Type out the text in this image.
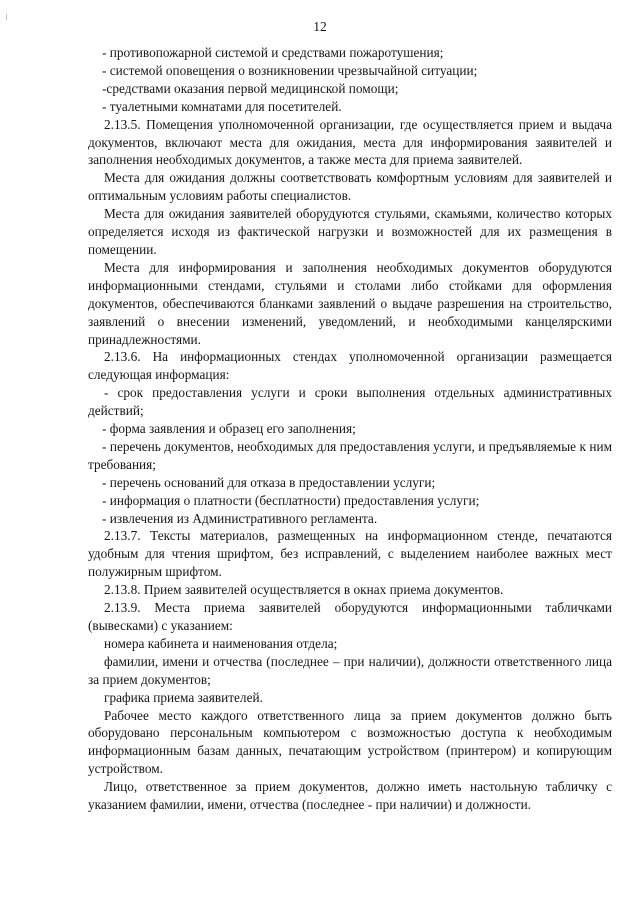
12

- противопожарной системой и средствами пожаротушения;

- системой оповещения о возникновении чрезвычайной ситуации;

-средствами оказания первой медицинской помощи;

- туалетными комнатами для посетителей.

2.13.5. Помещения уполномоченной организации, где осуществляется прием и выдача документов, включают места для ожидания, места для информирования заявителей и заполнения необходимых документов, а также места для приема заявителей.

Места для ожидания должны соответствовать комфортным условиям для заявителей и оптимальным условиям работы специалистов.

Места для ожидания заявителей оборудуются стульями, скамьями, количество которых определяется исходя из фактической нагрузки и возможностей для их размещения в помещении.

Места для информирования и заполнения необходимых документов оборудуются информационными стендами, стульями и столами либо стойками для оформления документов, обеспечиваются бланками заявлений о выдаче разрешения на строительство, заявлений о внесении изменений, уведомлений, и необходимыми канцелярскими принадлежностями.

2.13.6. На информационных стендах уполномоченной организации размещается следующая информация:

- срок предоставления услуги и сроки выполнения отдельных административных действий;

- форма заявления и образец его заполнения;

- перечень документов, необходимых для предоставления услуги, и предъявляемые к ним требования;

- перечень оснований для отказа в предоставлении услуги;

- информация о платности (бесплатности) предоставления услуги;

- извлечения из Административного регламента.

2.13.7. Тексты материалов, размещенных на информационном стенде, печатаются удобным для чтения шрифтом, без исправлений, с выделением наиболее важных мест полужирным шрифтом.

2.13.8. Прием заявителей осуществляется в окнах приема документов.

2.13.9. Места приема заявителей оборудуются информационными табличками (вывесками) с указанием:

номера кабинета и наименования отдела;

фамилии, имени и отчества (последнее – при наличии), должности ответственного лица за прием документов;

графика приема заявителей.

Рабочее место каждого ответственного лица за прием документов должно быть оборудовано персональным компьютером с возможностью доступа к необходимым информационным базам данных, печатающим устройством (принтером) и копирующим устройством.

Лицо, ответственное за прием документов, должно иметь настольную табличку с указанием фамилии, имени, отчества (последнее - при наличии) и должности.
